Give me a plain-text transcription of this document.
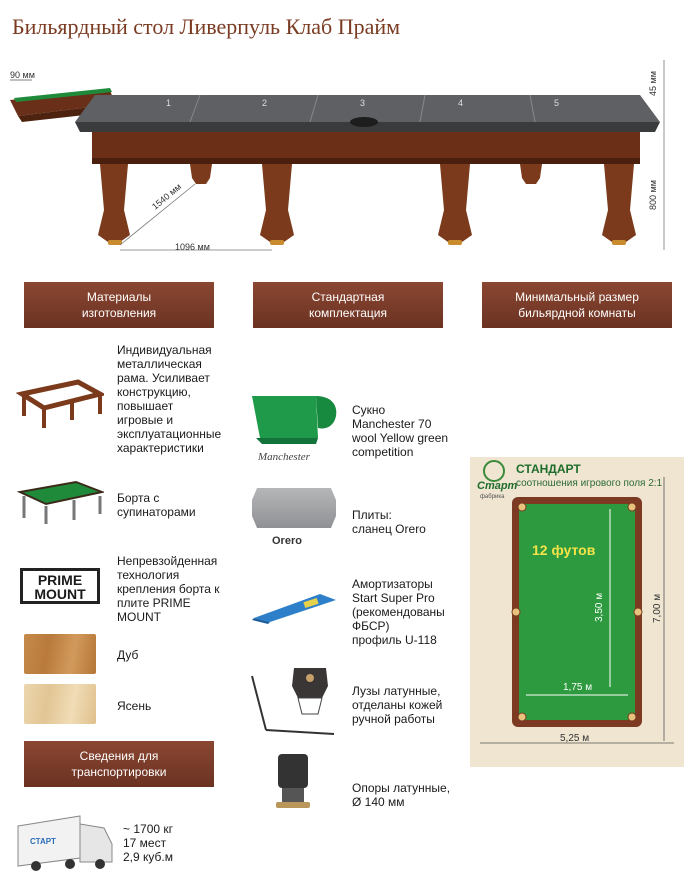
Бильярдный стол Ливерпуль Клаб Прайм
90 мм	45 мм
800 мм
1540 мм
1096 мм
1	2	3	4	5
Материалы
изготовления
Стандартная
комплектация
Минимальный размер
бильярдной комнаты
Сведения для
транспортировки
Индивидуальная
металлическая
рама. Усиливает
конструкцию,
повышает
игровые и
эксплуатационные
характеристики
Борта с
супинаторами
PRIME
MOUNT
Непревзойденная
технология
крепления борта к
плите PRIME
MOUNT
Дуб
Ясень
Manchester
Сукно
Manchester 70
wool Yellow green
competition
Orero
Плиты:
сланец Orero
Амортизаторы
Start Super Pro
(рекомендованы
ФБСР)
профиль U-118
Лузы латунные,
отделаны кожей
ручной работы
Опоры латунные,
Ø 140 мм
СТАРТ
~ 1700 кг
17 мест
2,9 куб.м
Старт
фабрика
СТАНДАРТ
соотношения игрового поля 2:1
12 футов
3,50 м
1,75 м
5,25 м
7,00 м
